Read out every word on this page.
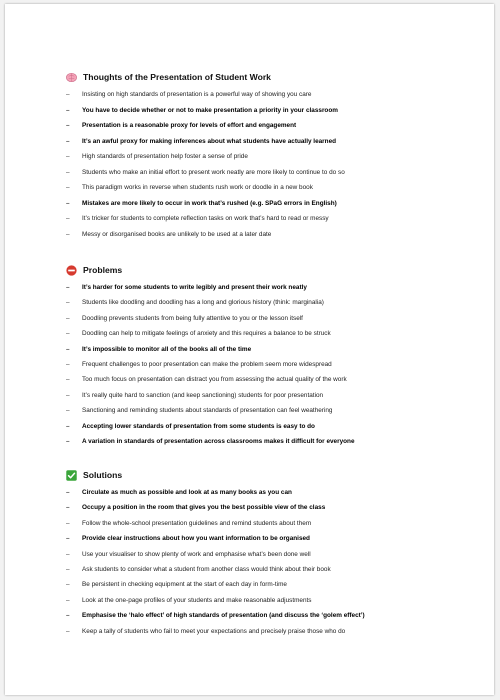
Thoughts of the Presentation of Student Work
– Insisting on high standards of presentation is a powerful way of showing you care
– You have to decide whether or not to make presentation a priority in your classroom
– Presentation is a reasonable proxy for levels of effort and engagement
– It’s an awful proxy for making inferences about what students have actually learned
– High standards of presentation help foster a sense of pride
– Students who make an initial effort to present work neatly are more likely to continue to do so
– This paradigm works in reverse when students rush work or doodle in a new book
– Mistakes are more likely to occur in work that’s rushed (e.g. SPaG errors in English)
– It’s tricker for students to complete reflection tasks on work that’s hard to read or messy
– Messy or disorganised books are unlikely to be used at a later date
Problems
– It’s harder for some students to write legibly and present their work neatly
– Students like doodling and doodling has a long and glorious history (think: marginalia)
– Doodling prevents students from being fully attentive to you or the lesson itself
– Doodling can help to mitigate feelings of anxiety and this requires a balance to be struck
– It’s impossible to monitor all of the books all of the time
– Frequent challenges to poor presentation can make the problem seem more widespread
– Too much focus on presentation can distract you from assessing the actual quality of the work
– It’s really quite hard to sanction (and keep sanctioning) students for poor presentation
– Sanctioning and reminding students about standards of presentation can feel weathering
– Accepting lower standards of presentation from some students is easy to do
– A variation in standards of presentation across classrooms makes it difficult for everyone
Solutions
– Circulate as much as possible and look at as many books as you can
– Occupy a position in the room that gives you the best possible view of the class
– Follow the whole-school presentation guidelines and remind students about them
– Provide clear instructions about how you want information to be organised
– Use your visualiser to show plenty of work and emphasise what’s been done well
– Ask students to consider what a student from another class would think about their book
– Be persistent in checking equipment at the start of each day in form-time
– Look at the one-page profiles of your students and make reasonable adjustments
– Emphasise the ‘halo effect’ of high standards of presentation (and discuss the ‘golem effect’)
– Keep a tally of students who fail to meet your expectations and precisely praise those who do
